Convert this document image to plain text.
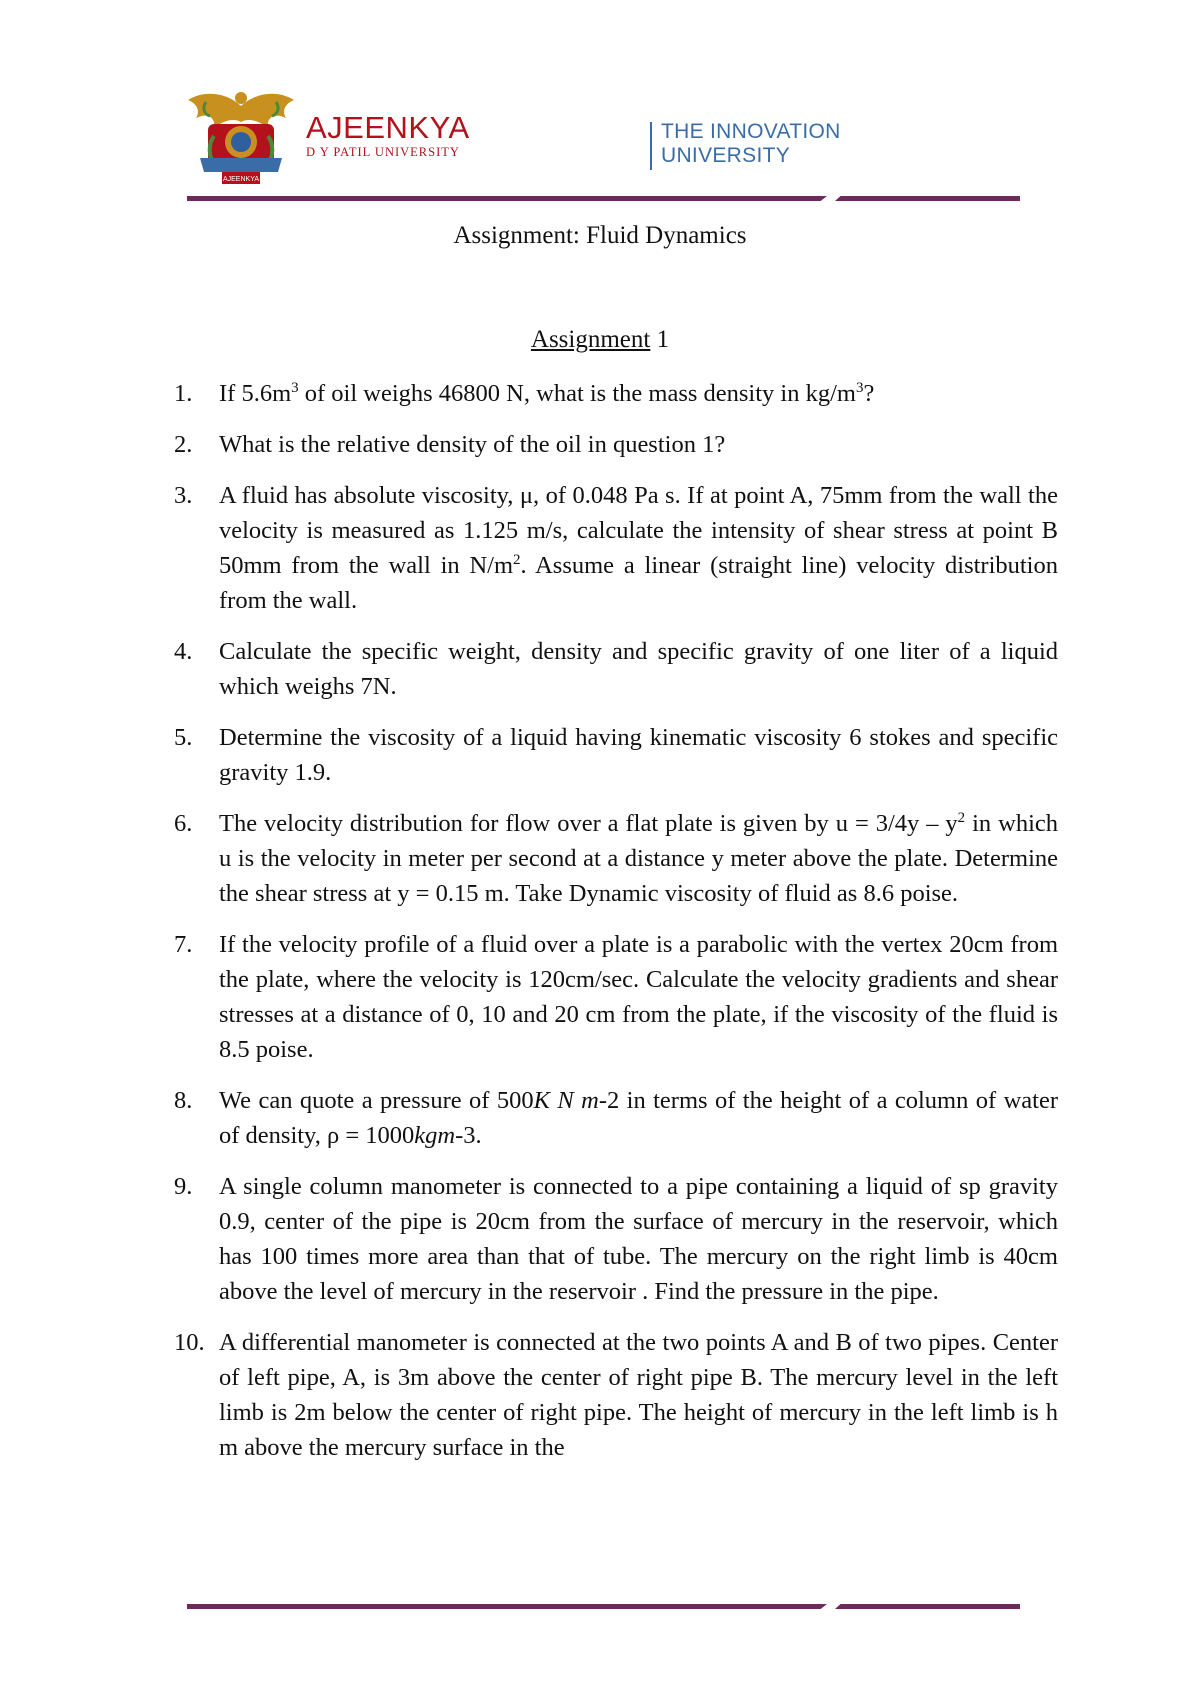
AJEENKYA
AJEENKYA
D Y PATIL UNIVERSITY
THE INNOVATION
UNIVERSITY
Assignment: Fluid Dynamics
Assignment 1
1. If $5.6m^3$ of oil weighs 46800 N, what is the mass density in $kg/m^3$?
2. What is the relative density of the oil in question 1?
3. A fluid has absolute viscosity, μ, of 0.048 Pa s. If at point A, 75mm from the wall the velocity is measured as 1.125 m/s, calculate the intensity of shear stress at point B 50mm from the wall in $N/m^2$. Assume a linear (straight line) velocity distribution from the wall.
4. Calculate the specific weight, density and specific gravity of one liter of a liquid which weighs 7N.
5. Determine the viscosity of a liquid having kinematic viscosity 6 stokes and specific gravity 1.9.
6. The velocity distribution for flow over a flat plate is given by $u = 3/4y - y^2$ in which u is the velocity in meter per second at a distance y meter above the plate. Determine the shear stress at y = 0.15 m. Take Dynamic viscosity of fluid as 8.6 poise.
7. If the velocity profile of a fluid over a plate is a parabolic with the vertex 20cm from the plate, where the velocity is 120cm/sec. Calculate the velocity gradients and shear stresses at a distance of 0, 10 and 20 cm from the plate, if the viscosity of the fluid is 8.5 poise.
8. We can quote a pressure of 500K N m-2 in terms of the height of a column of water of density, ρ = 1000kgm-3.
9. A single column manometer is connected to a pipe containing a liquid of sp gravity 0.9, center of the pipe is 20cm from the surface of mercury in the reservoir, which has 100 times more area than that of tube. The mercury on the right limb is 40cm above the level of mercury in the reservoir . Find the pressure in the pipe.
10. A differential manometer is connected at the two points A and B of two pipes. Center of left pipe, A, is 3m above the center of right pipe B. The mercury level in the left limb is 2m below the center of right pipe. The height of mercury in the left limb is h m above the mercury surface in the
